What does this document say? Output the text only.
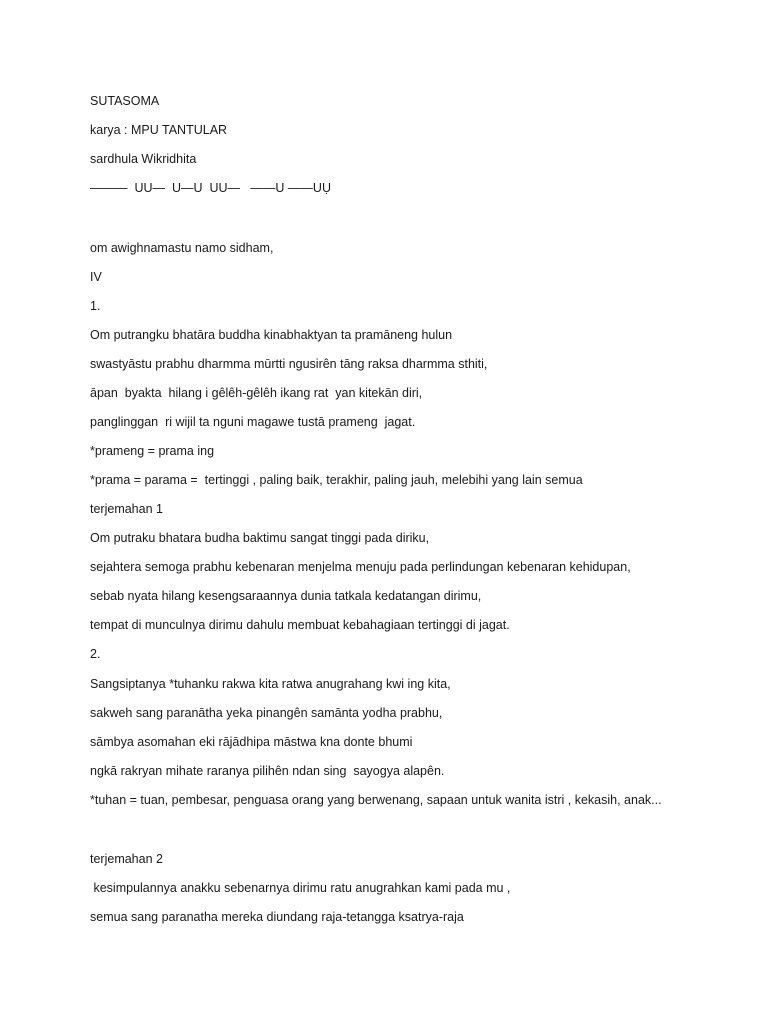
SUTASOMA
karya : MPU TANTULAR
sardhula Wikridhita
———  UU—  U—U  UU—   ——U ——UỤ
om awighnamastu namo sidham,
IV
1.
Om putrangku bhatāra buddha kinabhaktyan ta pramāneng hulun
swastyāstu prabhu dharmma mūrtti ngusirên tāng raksa dharmma sthiti,
āpan  byakta  hilang i gêlêh-gêlêh ikang rat  yan kitekān diri,
panglinggan  ri wijil ta nguni magawe tustā prameng  jagat.
*prameng = prama ing
*prama = parama =  tertinggi , paling baik, terakhir, paling jauh, melebihi yang lain semua
terjemahan 1
Om putraku bhatara budha baktimu sangat tinggi pada diriku,
sejahtera semoga prabhu kebenaran menjelma menuju pada perlindungan kebenaran kehidupan,
sebab nyata hilang kesengsaraannya dunia tatkala kedatangan dirimu,
tempat di munculnya dirimu dahulu membuat kebahagiaan tertinggi di jagat.
2.
Sangsiptanya *tuhanku rakwa kita ratwa anugrahang kwi ing kita,
sakweh sang paranātha yeka pinangên samānta yodha prabhu,
sāmbya asomahan eki rājādhipa māstwa kna donte bhumi
ngkā rakryan mihate raranya pilihên ndan sing  sayogya alapên.
*tuhan = tuan, pembesar, penguasa orang yang berwenang, sapaan untuk wanita istri , kekasih, anak...
terjemahan 2
kesimpulannya anakku sebenarnya dirimu ratu anugrahkan kami pada mu ,
semua sang paranatha mereka diundang raja-tetangga ksatrya-raja
